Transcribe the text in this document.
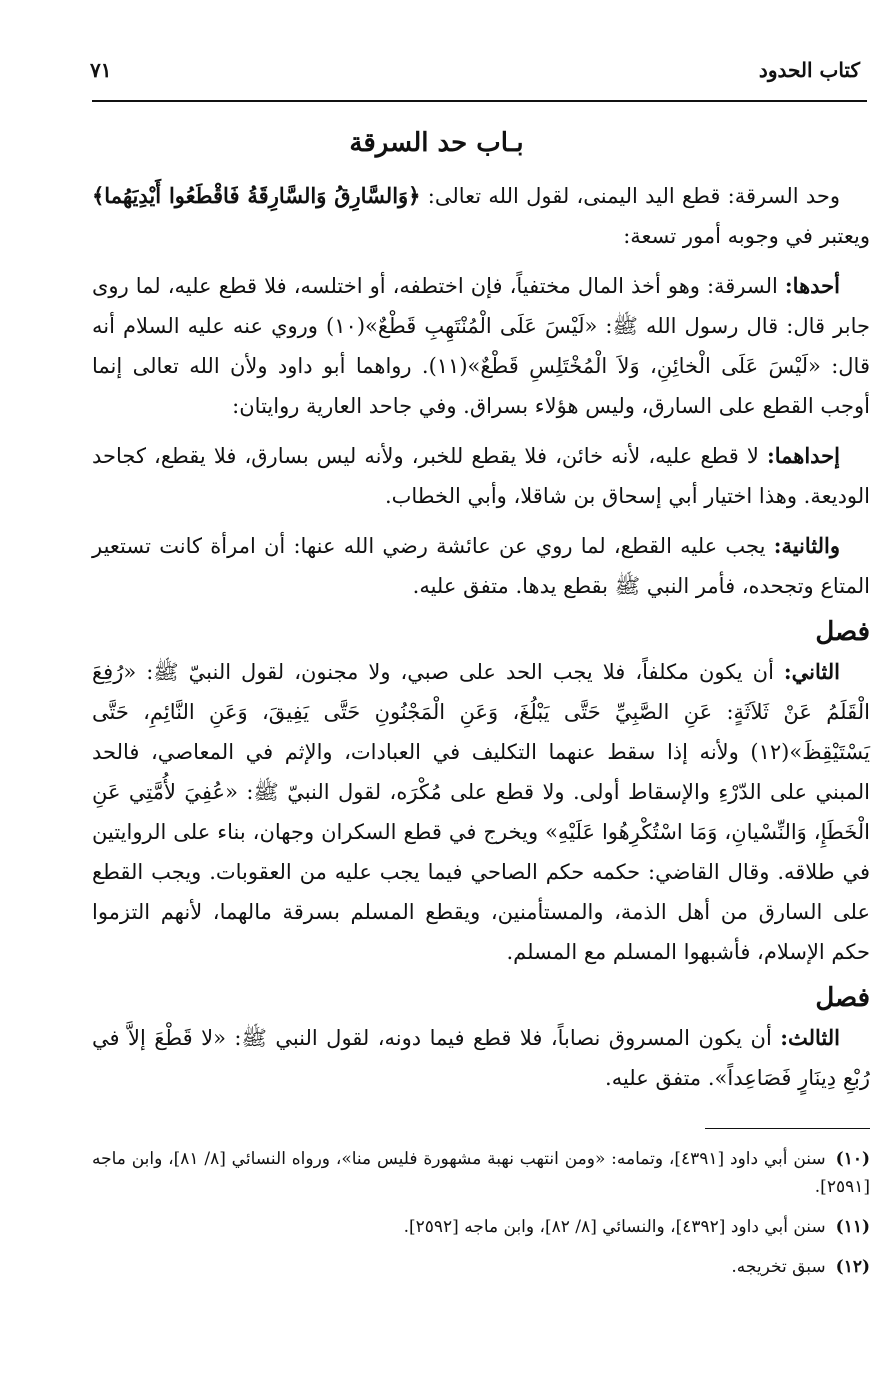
كتاب الحدود
٧١
بـاب حد السرقة

وحد السرقة: قطع اليد اليمنى، لقول الله تعالى: ﴿وَالسَّارِقُ وَالسَّارِقَةُ فَاقْطَعُوا أَيْدِيَهُما﴾ ويعتبر في وجوبه أمور تسعة:

أحدها: السرقة: وهو أخذ المال مختفياً، فإن اختطفه، أو اختلسه، فلا قطع عليه، لما روى جابر قال: قال رسول الله ﷺ: «لَيْسَ عَلَى الْمُنْتَهِبِ قَطْعٌ»(١٠) وروي عنه عليه السلام أنه قال: «لَيْسَ عَلَى الْخائِنِ، وَلاَ الْمُخْتَلِسِ قَطْعٌ»(١١). رواهما أبو داود ولأن الله تعالى إنما أوجب القطع على السارق، وليس هؤلاء بسراق. وفي جاحد العارية روايتان:

إحداهما: لا قطع عليه، لأنه خائن، فلا يقطع للخبر، ولأنه ليس بسارق، فلا يقطع، كجاحد الوديعة. وهذا اختيار أبي إسحاق بن شاقلا، وأبي الخطاب.

والثانية: يجب عليه القطع، لما روي عن عائشة رضي الله عنها: أن امرأة كانت تستعير المتاع وتجحده، فأمر النبي ﷺ بقطع يدها. متفق عليه.

فصل

الثاني: أن يكون مكلفاً، فلا يجب الحد على صبي، ولا مجنون، لقول النبيّ ﷺ: «رُفِعَ الْقَلَمُ عَنْ ثَلاَثَةٍ: عَنِ الصَّبِيِّ حَتَّى يَبْلُغَ، وَعَنِ الْمَجْنُونِ حَتَّى يَفِيقَ، وَعَنِ النَّائِمِ، حَتَّى يَسْتَيْقِظَ»(١٢) ولأنه إذا سقط عنهما التكليف في العبادات، والإثم في المعاصي، فالحد المبني على الدّرْءِ والإسقاط أولى. ولا قطع على مُكْرَه، لقول النبيّ ﷺ: «عُفِيَ لأُمَّتِي عَنِ الْخَطَإِ، وَالنِّسْيانِ، وَمَا اسْتُكْرِهُوا عَلَيْهِ» ويخرج في قطع السكران وجهان، بناء على الروايتين في طلاقه. وقال القاضي: حكمه حكم الصاحي فيما يجب عليه من العقوبات. ويجب القطع على السارق من أهل الذمة، والمستأمنين، ويقطع المسلم بسرقة مالهما، لأنهم التزموا حكم الإسلام، فأشبهوا المسلم مع المسلم.

فصل

الثالث: أن يكون المسروق نصاباً، فلا قطع فيما دونه، لقول النبي ﷺ: «لا قَطْعَ إلاَّ في رُبْعِ دِينَارٍ فَصَاعِداً». متفق عليه.

(١٠)سنن أبي داود [٤٣٩١]، وتمامه: «ومن انتهب نهبة مشهورة فليس منا»، ورواه النسائي [٨/ ٨١]، وابن ماجه [٢٥٩١].

(١١)سنن أبي داود [٤٣٩٢]، والنسائي [٨/ ٨٢]، وابن ماجه [٢٥٩٢].

(١٢)سبق تخريجه.
